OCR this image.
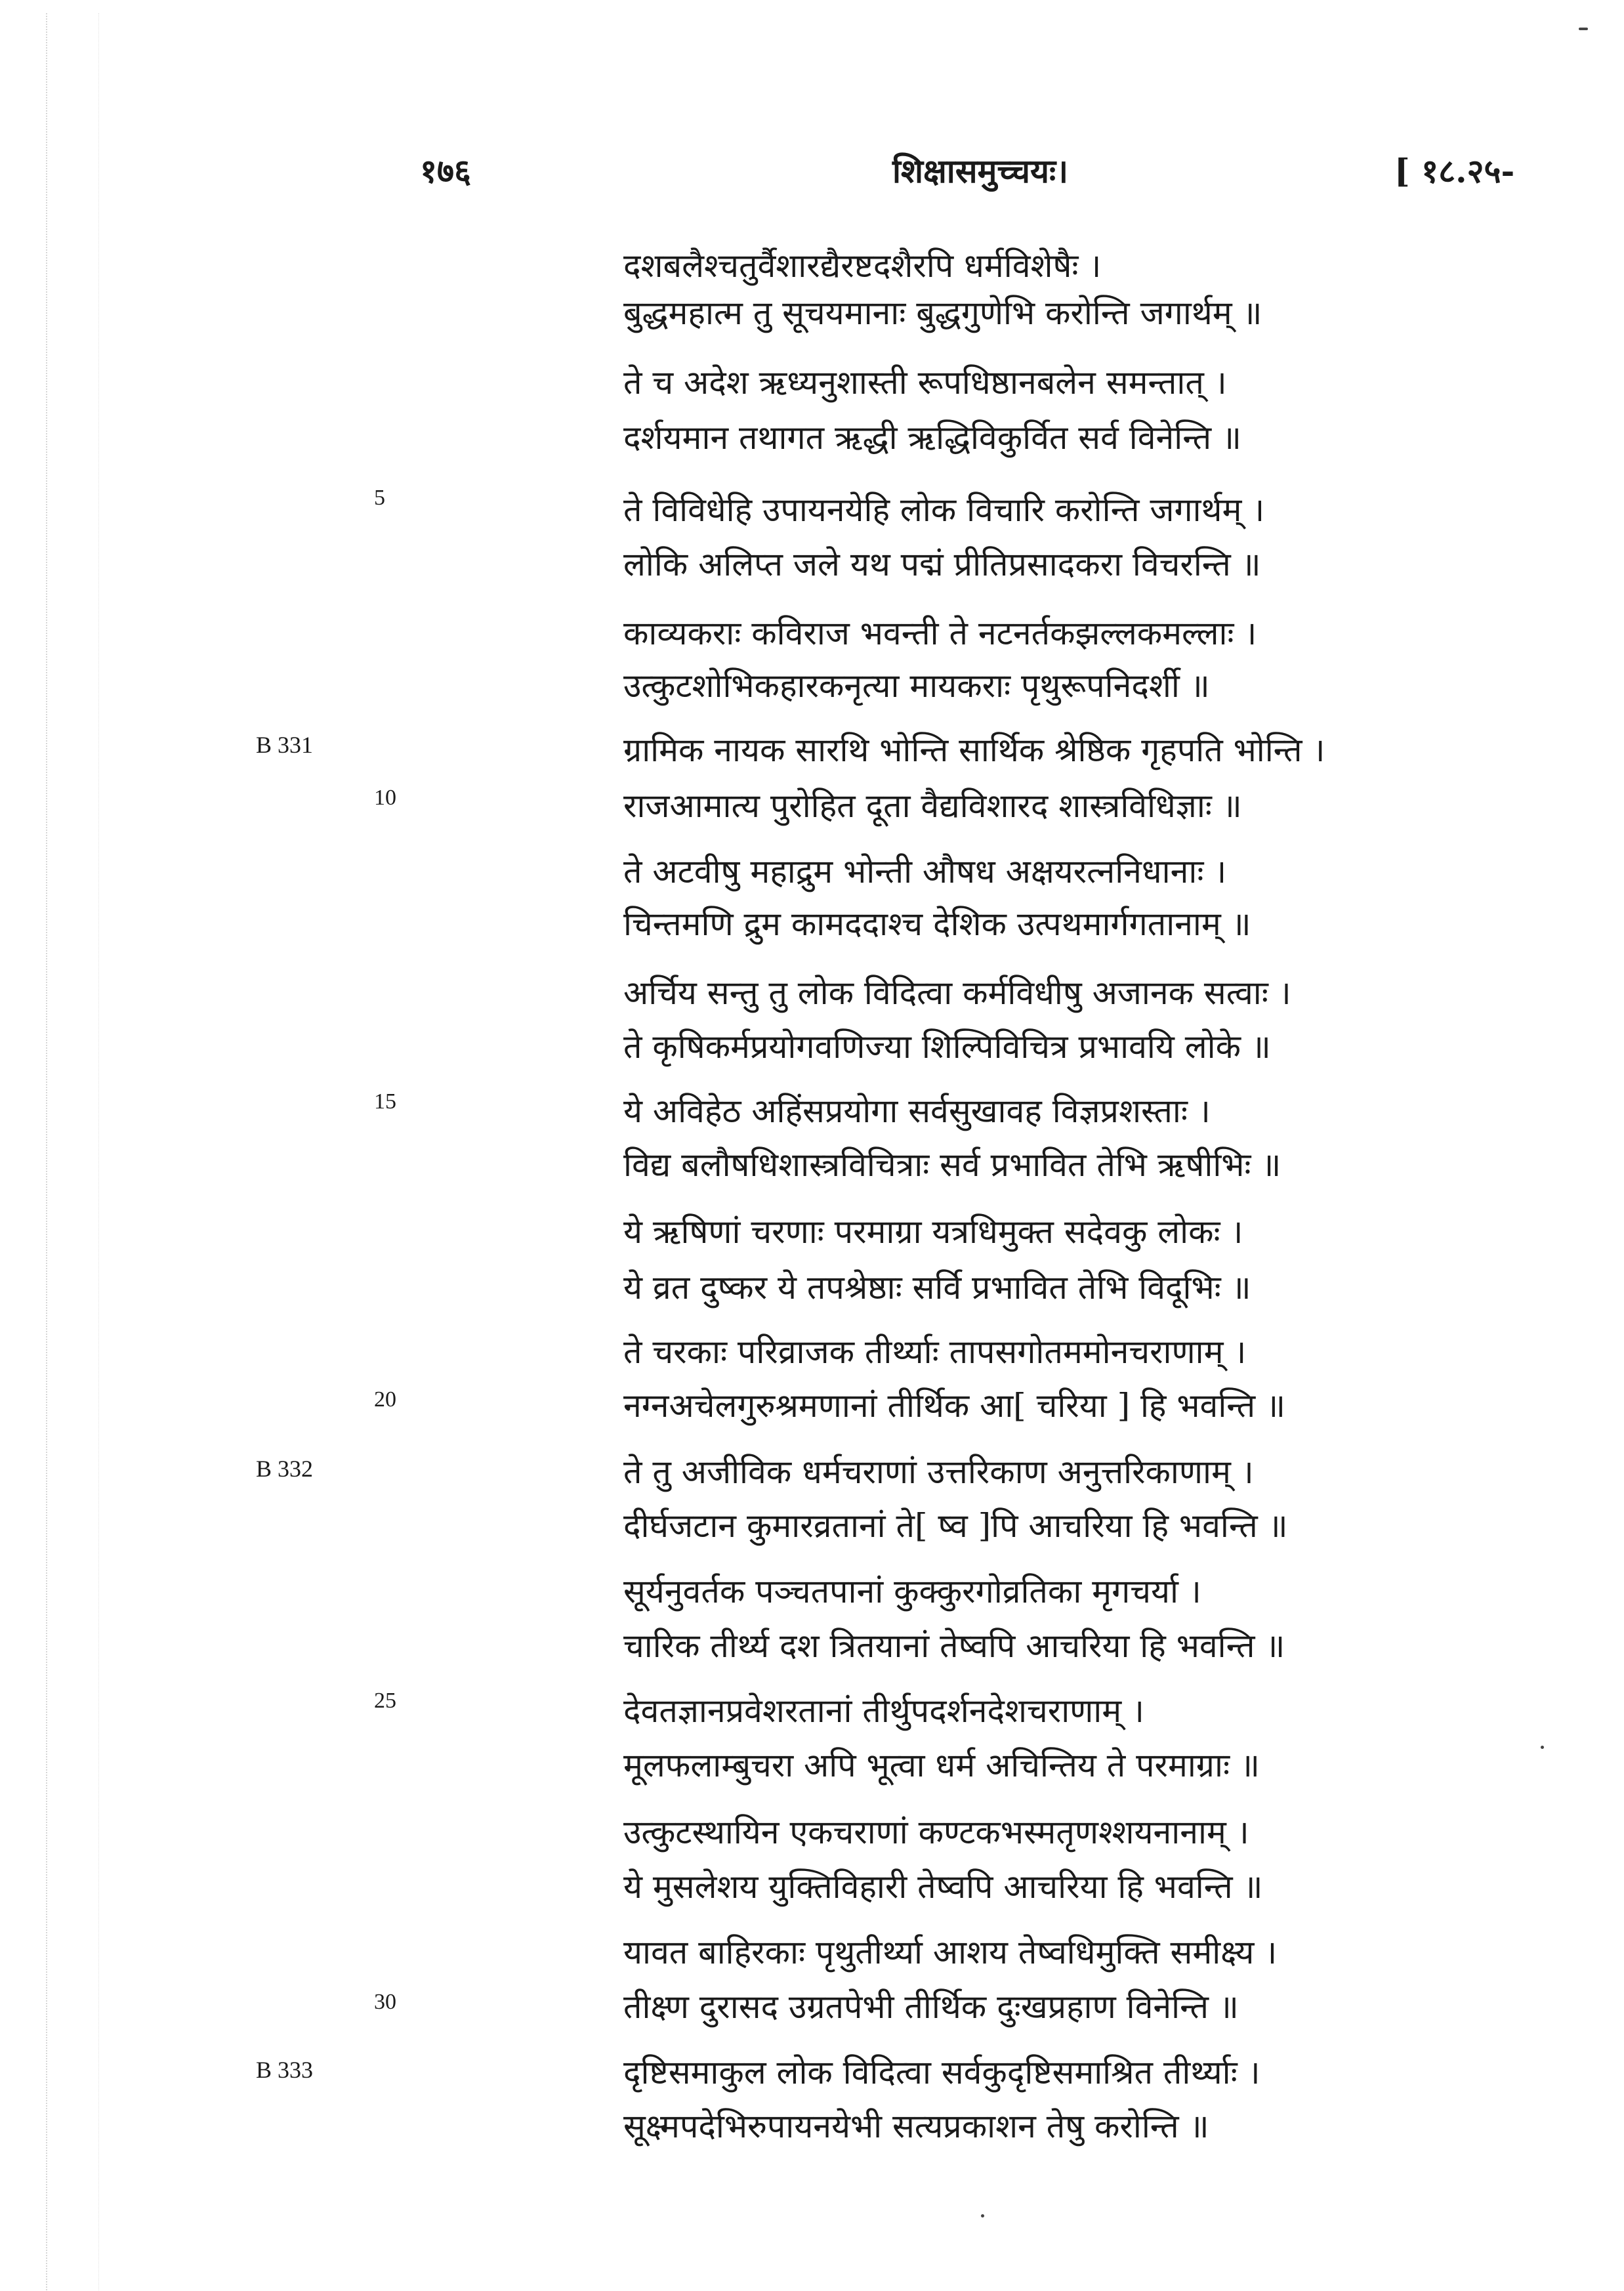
१७६	शिक्षासमुच्चयः।	[ १८.२५-
दशबलैश्चतुर्वैशारद्यैरष्टदशैरपि धर्मविशेषैः ।
बुद्धमहात्म तु सूचयमानाः बुद्धगुणेभि करोन्ति जगार्थम् ॥
ते च अदेश ऋध्यनुशास्ती रूपधिष्ठानबलेन समन्तात् ।
दर्शयमान तथागत ऋद्धी ऋद्धिविकुर्वित सर्व विनेन्ति ॥
ते विविधेहि उपायनयेहि लोक विचारि करोन्ति जगार्थम् ।
लोकि अलिप्त जले यथ पद्मं प्रीतिप्रसादकरा विचरन्ति ॥
काव्यकराः कविराज भवन्ती ते नटनर्तकझल्लकमल्लाः ।
उत्कुटशोभिकहारकनृत्या मायकराः पृथुरूपनिदर्शी ॥
ग्रामिक नायक सारथि भोन्ति सार्थिक श्रेष्ठिक गृहपति भोन्ति ।
राजआमात्य पुरोहित दूता वैद्यविशारद शास्त्रविधिज्ञाः ॥
ते अटवीषु महाद्रुम भोन्ती औषध अक्षयरत्ननिधानाः ।
चिन्तमणि द्रुम कामददाश्च देशिक उत्पथमार्गगतानाम् ॥
अर्चिय सन्तु तु लोक विदित्वा कर्मविधीषु अजानक सत्वाः ।
ते कृषिकर्मप्रयोगवणिज्या शिल्पिविचित्र प्रभावयि लोके ॥
ये अविहेठ अहिंसप्रयोगा सर्वसुखावह विज्ञप्रशस्ताः ।
विद्य बलौषधिशास्त्रविचित्राः सर्व प्रभावित तेभि ऋषीभिः ॥
ये ऋषिणां चरणाः परमाग्रा यत्रधिमुक्त सदेवकु लोकः ।
ये व्रत दुष्कर ये तपश्रेष्ठाः सर्वि प्रभावित तेभि विदूभिः ॥
ते चरकाः परिव्राजक तीर्थ्याः तापसगोतममोनचराणाम् ।
नग्नअचेलगुरुश्रमणानां तीर्थिक आ[ चरिया ] हि भवन्ति ॥
ते तु अजीविक धर्मचराणां उत्तरिकाण अनुत्तरिकाणाम् ।
दीर्घजटान कुमारव्रतानां ते[ ष्व ]पि आचरिया हि भवन्ति ॥
सूर्यनुवर्तक पञ्चतपानां कुक्कुरगोव्रतिका मृगचर्या ।
चारिक तीर्थ्य दश त्रितयानां तेष्वपि आचरिया हि भवन्ति ॥
देवतज्ञानप्रवेशरतानां तीर्थुपदर्शनदेशचराणाम् ।
मूलफलाम्बुचरा अपि भूत्वा धर्म अचिन्तिय ते परमाग्राः ॥
उत्कुटस्थायिन एकचराणां कण्टकभस्मतृणश्शयनानाम् ।
ये मुसलेशय युक्तिविहारी तेष्वपि आचरिया हि भवन्ति ॥
यावत बाहिरकाः पृथुतीर्थ्या आशय तेष्वधिमुक्ति समीक्ष्य ।
तीक्ष्ण दुरासद उग्रतपेभी तीर्थिक दुःखप्रहाण विनेन्ति ॥
दृष्टिसमाकुल लोक विदित्वा सर्वकुदृष्टिसमाश्रित तीर्थ्याः ।
सूक्ष्मपदेभिरुपायनयेभी सत्यप्रकाशन तेषु करोन्ति ॥
5
10
15
20
25
30
B 331
B 332
B 333
